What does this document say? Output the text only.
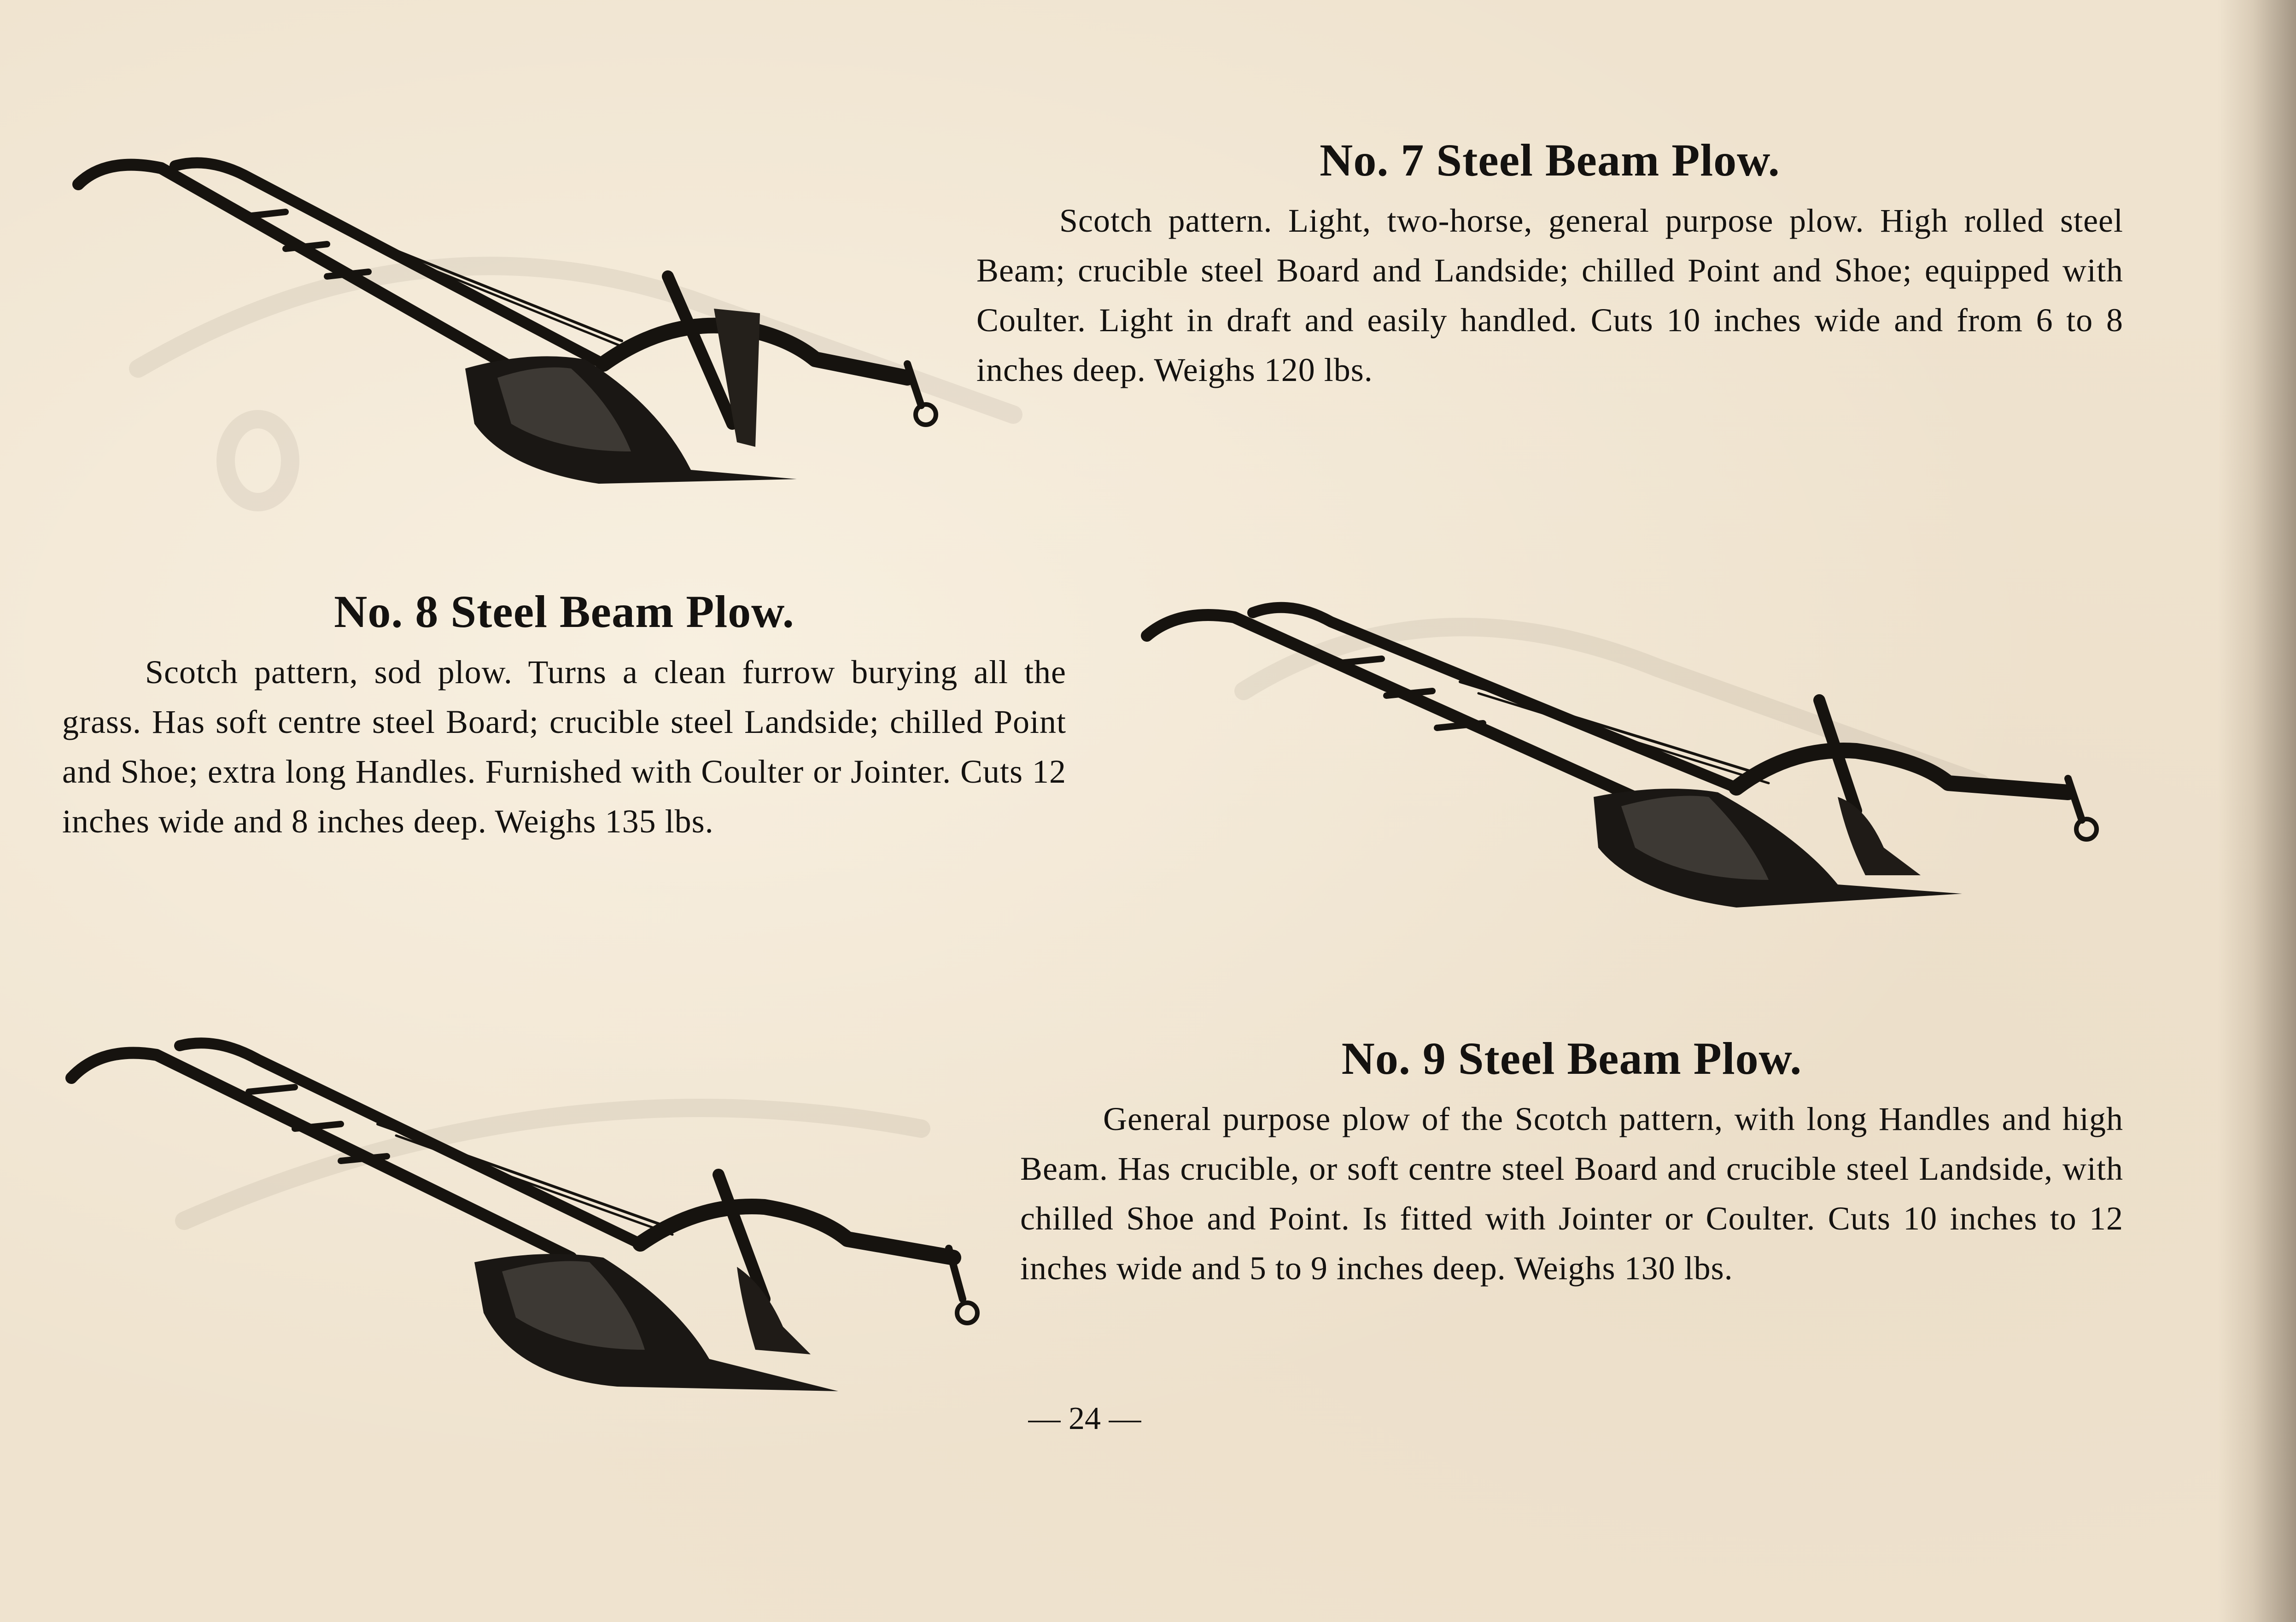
No. 7 Steel Beam Plow.

Scotch pattern. Light, two-horse, general purpose plow. High rolled steel Beam; crucible steel Board and Landside; chilled Point and Shoe; equipped with Coulter. Light in draft and easily handled. Cuts 10 inches wide and from 6 to 8 inches deep. Weighs 120 lbs.

No. 8 Steel Beam Plow.

Scotch pattern, sod plow. Turns a clean furrow burying all the grass. Has soft centre steel Board; crucible steel Landside; chilled Point and Shoe; extra long Handles. Furnished with Coulter or Jointer. Cuts 12 inches wide and 8 inches deep. Weighs 135 lbs.

No. 9 Steel Beam Plow.

General purpose plow of the Scotch pattern, with long Handles and high Beam. Has crucible, or soft centre steel Board and crucible steel Landside, with chilled Shoe and Point. Is fitted with Jointer or Coulter. Cuts 10 inches to 12 inches wide and 5 to 9 inches deep. Weighs 130 lbs.

— 24 —
